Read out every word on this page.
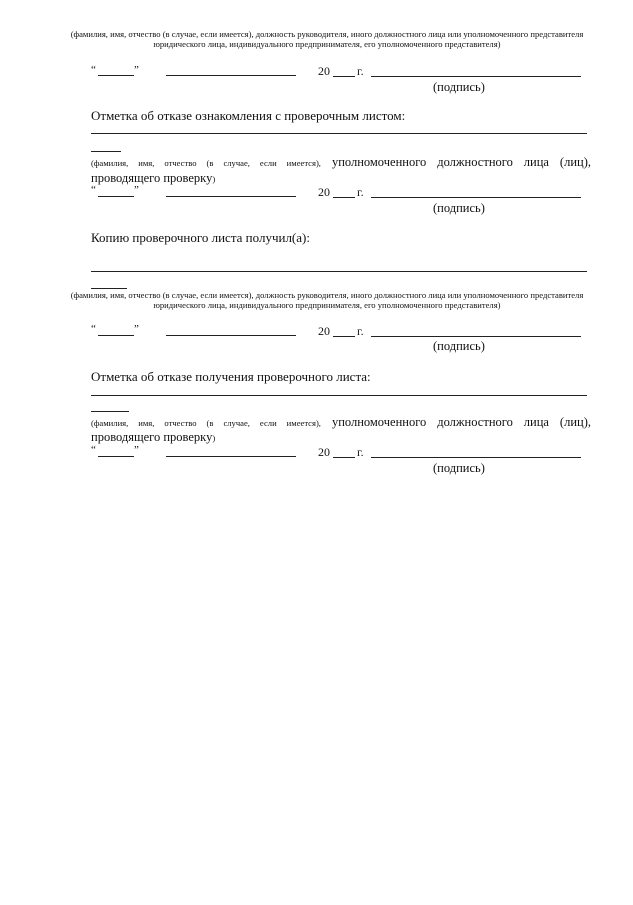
(фамилия, имя, отчество (в случае, если имеется), должность руководителя, иного должностного лица или уполномоченного представителя юридического лица, индивидуального предпринимателя, его уполномоченного представителя)
“	”	20 г.
(подпись)
Отметка об отказе ознакомления с проверочным листом:
(фамилия, имя, отчество (в случае, если имеется), уполномоченного должностного лица (лиц),
проводящего проверку)
“	”	20 г.
(подпись)
Копию проверочного листа получил(а):
(фамилия, имя, отчество (в случае, если имеется), должность руководителя, иного должностного лица или уполномоченного представителя юридического лица, индивидуального предпринимателя, его уполномоченного представителя)
“	”	20 г.
(подпись)
Отметка об отказе получения проверочного листа:
(фамилия, имя, отчество (в случае, если имеется), уполномоченного должностного лица (лиц),
проводящего проверку)
“	”	20 г.
(подпись)
